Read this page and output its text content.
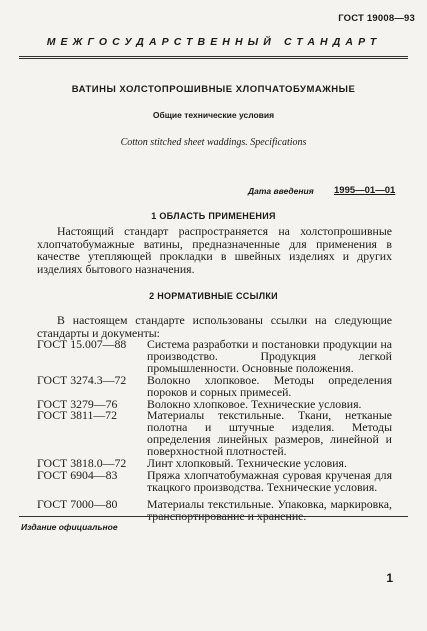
ГОСТ 19008—93
МЕЖГОСУДАРСТВЕННЫЙ СТАНДАРТ
ВАТИНЫ ХОЛСТОПРОШИВНЫЕ ХЛОПЧАТОБУМАЖНЫЕ
Общие технические условия
Cotton stitched sheet waddings. Specifications
Дата введения 1995—01—01
1 ОБЛАСТЬ ПРИМЕНЕНИЯ
Настоящий стандарт распространяется на холстопрошивные хлопчатобумажные ватины, предназначенные для применения в качестве утепляющей прокладки в швейных изделиях и других изделиях бытового назначения.
2 НОРМАТИВНЫЕ ССЫЛКИ
В настоящем стандарте использованы ссылки на следующие стандарты и документы:
ГОСТ 15.007—88	Система разработки и постановки продукции на производство. Продукция легкой промышленности. Основные положения.
ГОСТ 3274.3—72	Волокно хлопковое. Методы определения пороков и сорных примесей.
ГОСТ 3279—76	Волокно хлопковое. Технические условия.
ГОСТ 3811—72	Материалы текстильные. Ткани, нетканые полотна и штучные изделия. Методы определения линейных размеров, линейной и поверхностной плотностей.
ГОСТ 3818.0—72	Линт хлопковый. Технические условия.
ГОСТ 6904—83	Пряжа хлопчатобумажная суровая крученая для ткацкого производства. Технические условия.
ГОСТ 7000—80	Материалы текстильные. Упаковка, маркировка, транспортирование и хранение.
Издание официальное
1
